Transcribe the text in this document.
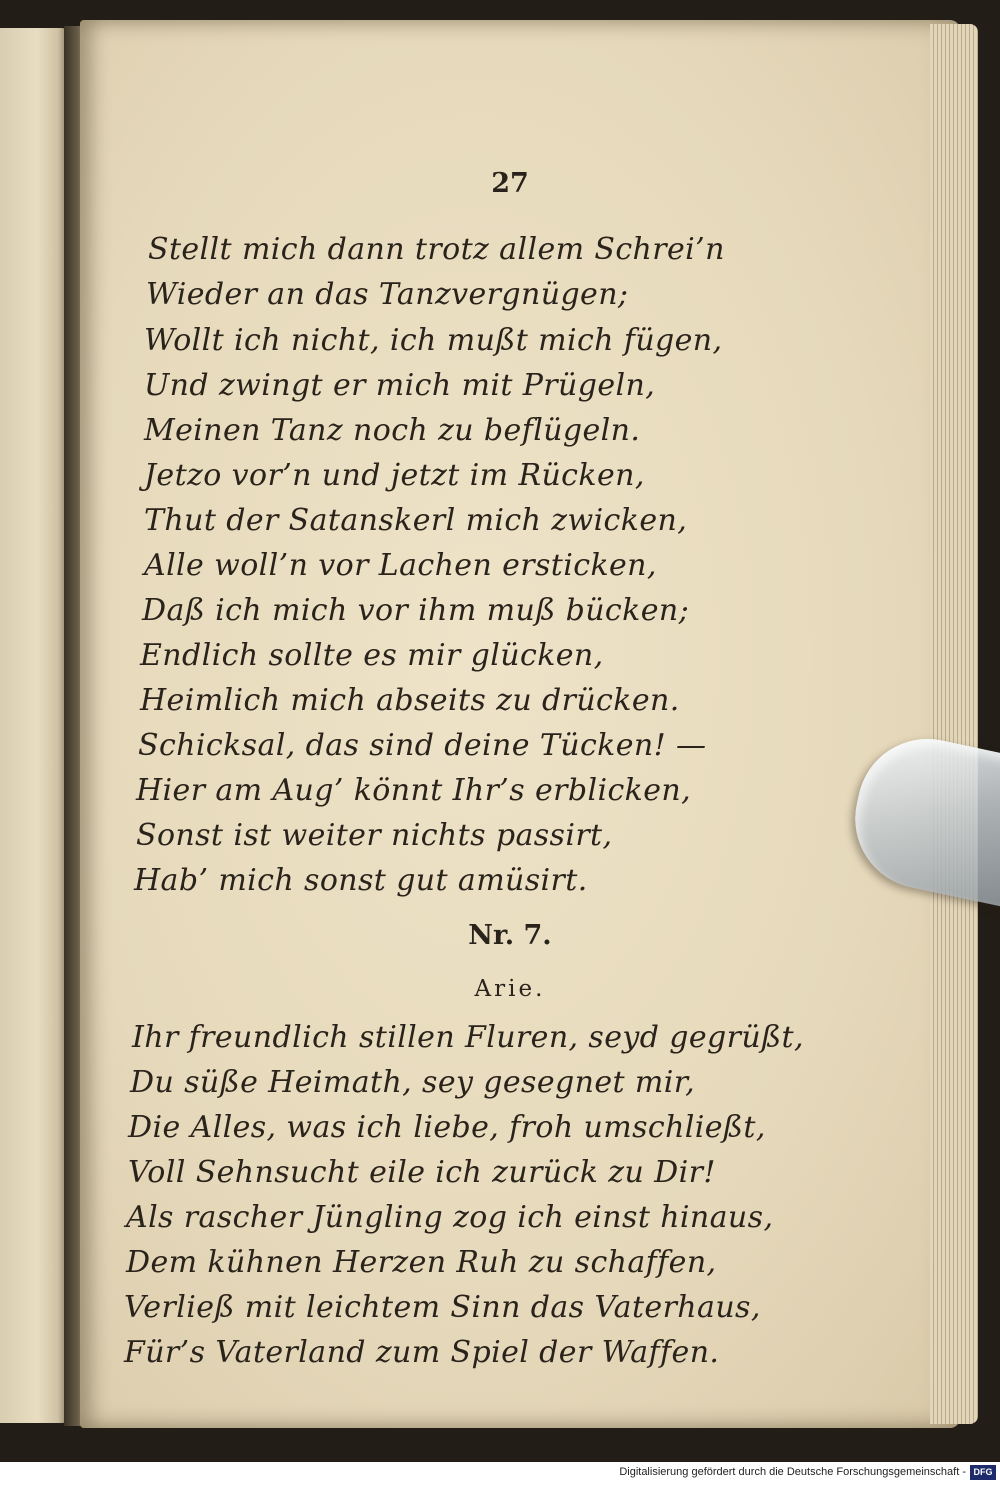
27

Stellt mich dann trotz allem Schrei’n
Wieder an das Tanzvergnügen;
Wollt ich nicht, ich mußt mich fügen,
Und zwingt er mich mit Prügeln,
Meinen Tanz noch zu beflügeln.
Jetzo vor’n und jetzt im Rücken,
Thut der Satanskerl mich zwicken,
Alle woll’n vor Lachen ersticken,
Daß ich mich vor ihm muß bücken;
Endlich sollte es mir glücken,
Heimlich mich abseits zu drücken.
Schicksal, das sind deine Tücken! —
Hier am Aug’ könnt Ihr’s erblicken,
Sonst ist weiter nichts passirt,
Hab’ mich sonst gut amüsirt.

Nr. 7.

Arie.

Ihr freundlich stillen Fluren, seyd gegrüßt,
Du süße Heimath, sey gesegnet mir,
Die Alles, was ich liebe, froh umschließt,
Voll Sehnsucht eile ich zurück zu Dir!
Als rascher Jüngling zog ich einst hinaus,
Dem kühnen Herzen Ruh zu schaffen,
Verließ mit leichtem Sinn das Vaterhaus,
Für’s Vaterland zum Spiel der Waffen.
Digitalisierung gefördert durch die Deutsche Forschungsgemeinschaft - DFG
